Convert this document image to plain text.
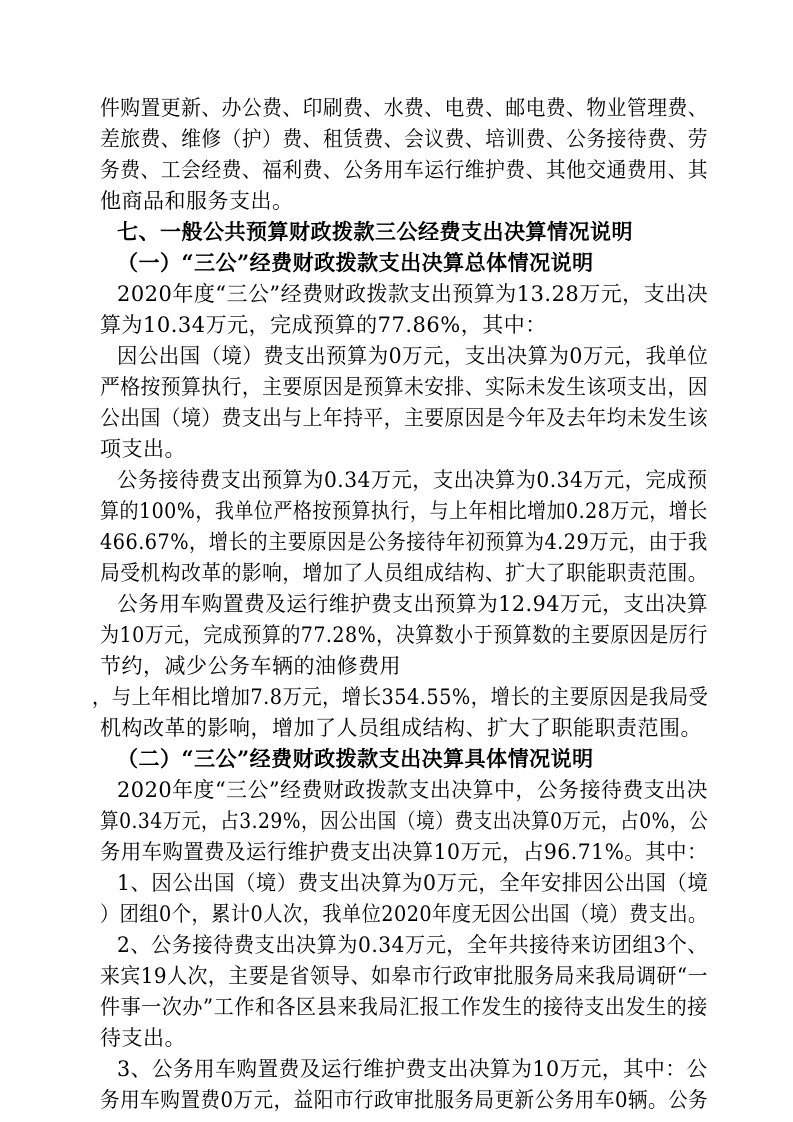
件购置更新、办公费、印刷费、水费、电费、邮电费、物业管理费、
差旅费、维修（护）费、租赁费、会议费、培训费、公务接待费、劳
务费、工会经费、福利费、公务用车运行维护费、其他交通费用、其
他商品和服务支出。
七、一般公共预算财政拨款三公经费支出决算情况说明
（一）“三公”经费财政拨款支出决算总体情况说明
2020年度“三公”经费财政拨款支出预算为13.28万元，支出决
算为10.34万元，完成预算的77.86%，其中：
因公出国（境）费支出预算为0万元，支出决算为0万元，我单位
严格按预算执行，主要原因是预算未安排、实际未发生该项支出，因
公出国（境）费支出与上年持平，主要原因是今年及去年均未发生该
项支出。
公务接待费支出预算为0.34万元，支出决算为0.34万元，完成预
算的100%，我单位严格按预算执行，与上年相比增加0.28万元，增长
466.67%，增长的主要原因是公务接待年初预算为4.29万元，由于我
局受机构改革的影响，增加了人员组成结构、扩大了职能职责范围。
公务用车购置费及运行维护费支出预算为12.94万元，支出决算
为10万元，完成预算的77.28%，决算数小于预算数的主要原因是厉行
节约，减少公务车辆的油修费用
，与上年相比增加7.8万元，增长354.55%，增长的主要原因是我局受
机构改革的影响，增加了人员组成结构、扩大了职能职责范围。
（二）“三公”经费财政拨款支出决算具体情况说明
2020年度“三公”经费财政拨款支出决算中，公务接待费支出决
算0.34万元，占3.29%，因公出国（境）费支出决算0万元，占0%，公
务用车购置费及运行维护费支出决算10万元，占96.71%。其中：
1、因公出国（境）费支出决算为0万元，全年安排因公出国（境
）团组0个，累计0人次，我单位2020年度无因公出国（境）费支出。
2、公务接待费支出决算为0.34万元，全年共接待来访团组3个、
来宾19人次，主要是省领导、如皋市行政审批服务局来我局调研“一
件事一次办”工作和各区县来我局汇报工作发生的接待支出发生的接
待支出。
3、公务用车购置费及运行维护费支出决算为10万元，其中：公
务用车购置费0万元，益阳市行政审批服务局更新公务用车0辆。公务
